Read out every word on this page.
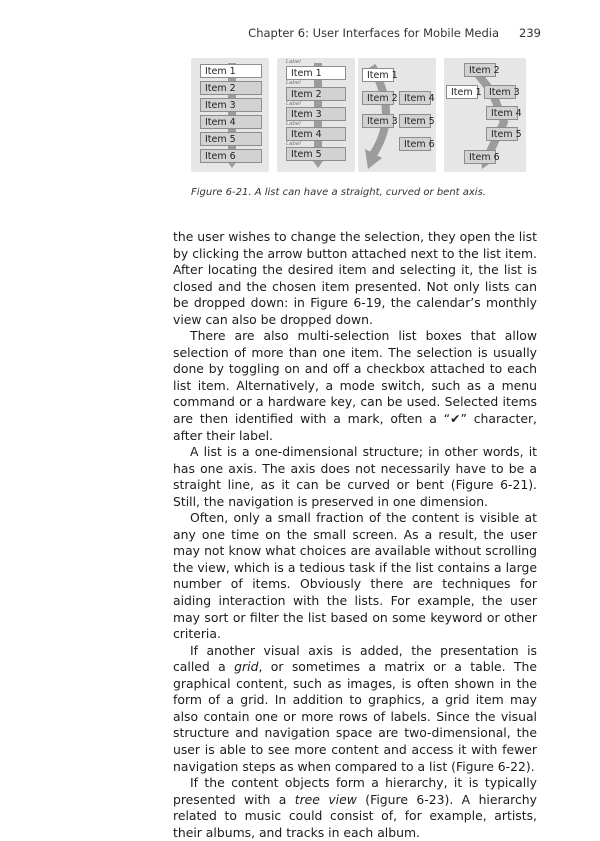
Chapter 6: User Interfaces for Mobile Media 239
Item 1
Item 2
Item 3
Item 4
Item 5
Item 6
Label
Item 1
Label
Item 2
Label
Item 3
Label
Item 4
Label
Item 5
Item 1
Item 2
Item 3
Item 4
Item 5
Item 6
Item 2
Item 1 Item 3
Item 4
Item 5
Item 6
Figure 6-21. A list can have a straight, curved or bent axis.

the user wishes to change the selection, they open the list by clicking the arrow button attached next to the list item. After locating the desired item and selecting it, the list is closed and the chosen item presented. Not only lists can be dropped down: in Figure 6-19, the calendar’s monthly view can also be dropped down.

There are also multi-selection list boxes that allow selection of more than one item. The selection is usually done by toggling on and off a checkbox attached to each list item. Alternatively, a mode switch, such as a menu command or a hardware key, can be used. Selected items are then identified with a mark, often a “✔” character, after their label.

A list is a one-dimensional structure; in other words, it has one axis. The axis does not necessarily have to be a straight line, as it can be curved or bent (Figure 6-21). Still, the navigation is preserved in one dimension.

Often, only a small fraction of the content is visible at any one time on the small screen. As a result, the user may not know what choices are available without scrolling the view, which is a tedious task if the list contains a large number of items. Obviously there are techniques for aiding interaction with the lists. For example, the user may sort or filter the list based on some keyword or other criteria.

If another visual axis is added, the presentation is called a grid, or sometimes a matrix or a table. The graphical content, such as images, is often shown in the form of a grid. In addition to graphics, a grid item may also contain one or more rows of labels. Since the visual structure and navigation space are two-dimensional, the user is able to see more content and access it with fewer navigation steps as when compared to a list (Figure 6-22).

If the content objects form a hierarchy, it is typically presented with a tree view (Figure 6-23). A hierarchy related to music could consist of, for example, artists, their albums, and tracks in each album.
